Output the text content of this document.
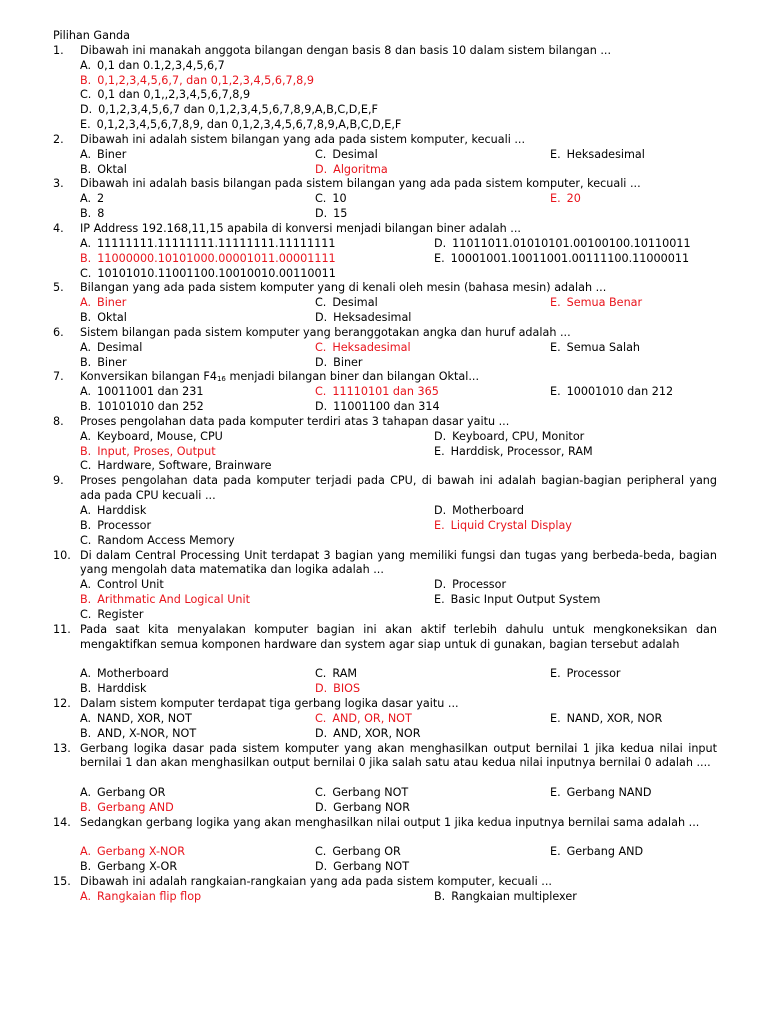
Pilihan Ganda
1. Dibawah ini manakah anggota bilangan dengan basis 8 dan basis 10 dalam sistem bilangan ...
A. 0,1 dan 0.1,2,3,4,5,6,7
B. 0,1,2,3,4,5,6,7, dan 0,1,2,3,4,5,6,7,8,9
C. 0,1 dan 0,1,,2,3,4,5,6,7,8,9
D. 0,1,2,3,4,5,6,7 dan 0,1,2,3,4,5,6,7,8,9,A,B,C,D,E,F
E. 0,1,2,3,4,5,6,7,8,9, dan 0,1,2,3,4,5,6,7,8,9,A,B,C,D,E,F
2. Dibawah ini adalah sistem bilangan yang ada pada sistem komputer, kecuali ...
A. Biner	C. Desimal	E. Heksadesimal
B. Oktal	D. Algoritma
3. Dibawah ini adalah basis bilangan pada sistem bilangan yang ada pada sistem komputer, kecuali ...
A. 2	C. 10	E. 20
B. 8	D. 15
4. IP Address 192.168,11,15 apabila di konversi menjadi bilangan biner adalah ...
A. 11111111.11111111.11111111.11111111	D. 11011011.01010101.00100100.10110011
B. 11000000.10101000.00001011.00001111	E. 10001001.10011001.00111100.11000011
C. 10101010.11001100.10010010.00110011
5. Bilangan yang ada pada sistem komputer yang di kenali oleh mesin (bahasa mesin) adalah ...
A. Biner	C. Desimal	E. Semua Benar
B. Oktal	D. Heksadesimal
6. Sistem bilangan pada sistem komputer yang beranggotakan angka dan huruf adalah ...
A. Desimal	C. Heksadesimal	E. Semua Salah
B. Biner	D. Biner
7. Konversikan bilangan $F4_{16}$ menjadi bilangan biner dan bilangan Oktal...
A. 10011001 dan 231	C. 11110101 dan 365	E. 10001010 dan 212
B. 10101010 dan 252	D. 11001100 dan 314
8. Proses pengolahan data pada komputer terdiri atas 3 tahapan dasar yaitu ...
A. Keyboard, Mouse, CPU	D. Keyboard, CPU, Monitor
B. Input, Proses, Output	E. Harddisk, Processor, RAM
C. Hardware, Software, Brainware
9. Proses pengolahan data pada komputer terjadi pada CPU, di bawah ini adalah bagian-bagian peripheral yang ada pada CPU kecuali ...
A. Harddisk	D. Motherboard
B. Processor	E. Liquid Crystal Display
C. Random Access Memory
10. Di dalam Central Processing Unit terdapat 3 bagian yang memiliki fungsi dan tugas yang berbeda-beda, bagian yang mengolah data matematika dan logika adalah ...
A. Control Unit	D. Processor
B. Arithmatic And Logical Unit	E. Basic Input Output System
C. Register
11. Pada saat kita menyalakan komputer bagian ini akan aktif terlebih dahulu untuk mengkoneksikan dan mengaktifkan semua komponen hardware dan system agar siap untuk di gunakan, bagian tersebut adalah
A. Motherboard	C. RAM	E. Processor
B. Harddisk	D. BIOS
12. Dalam sistem komputer terdapat tiga gerbang logika dasar yaitu ...
A. NAND, XOR, NOT	C. AND, OR, NOT	E. NAND, XOR, NOR
B. AND, X-NOR, NOT	D. AND, XOR, NOR
13. Gerbang logika dasar pada sistem komputer yang akan menghasilkan output bernilai 1 jika kedua nilai input bernilai 1 dan akan menghasilkan output bernilai 0 jika salah satu atau kedua nilai inputnya bernilai 0 adalah ....
A. Gerbang OR	C. Gerbang NOT	E. Gerbang NAND
B. Gerbang AND	D. Gerbang NOR
14. Sedangkan gerbang logika yang akan menghasilkan nilai output 1 jika kedua inputnya bernilai sama adalah ...
A. Gerbang X-NOR	C. Gerbang OR	E. Gerbang AND
B. Gerbang X-OR	D. Gerbang NOT
15. Dibawah ini adalah rangkaian-rangkaian yang ada pada sistem komputer, kecuali ...
A. Rangkaian flip flop	B. Rangkaian multiplexer
